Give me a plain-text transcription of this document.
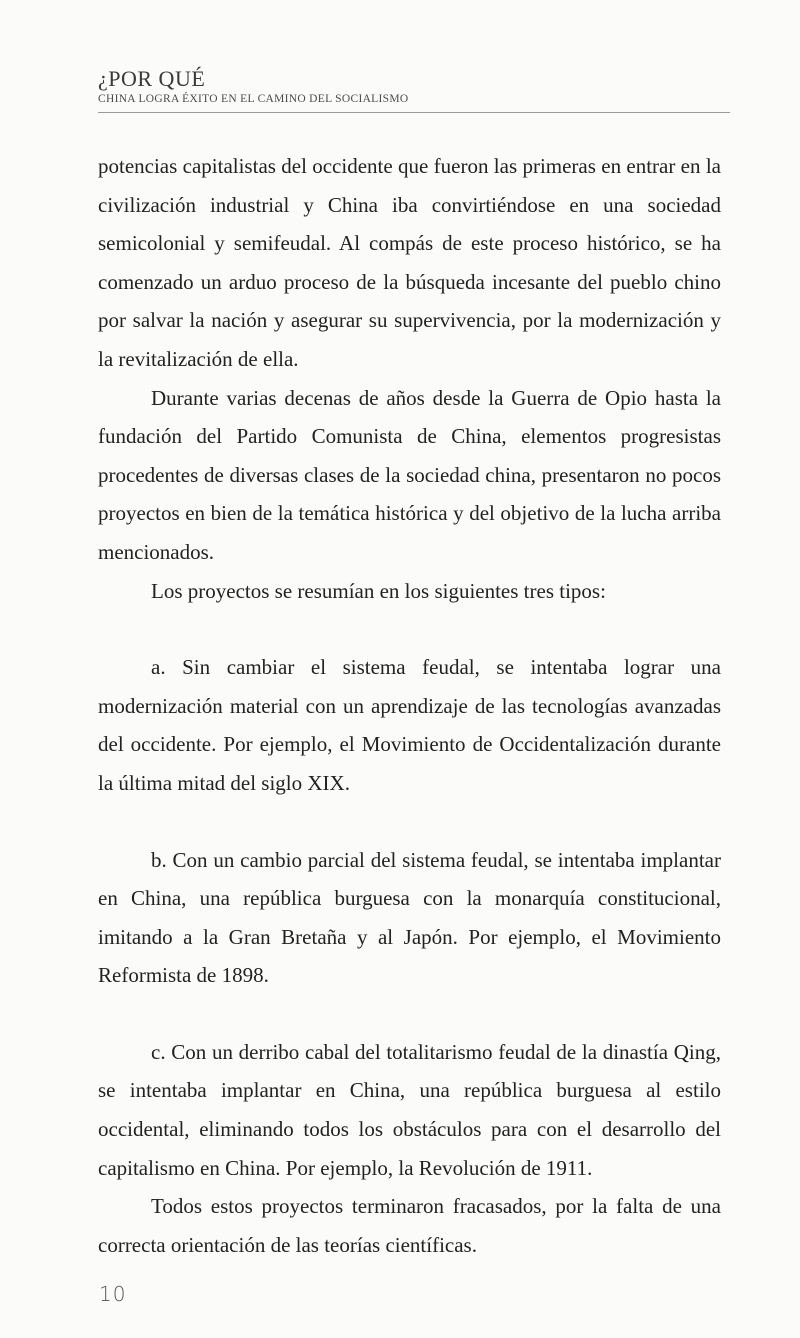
¿POR QUÉ
CHINA LOGRA ÉXITO EN EL CAMINO DEL SOCIALISMO

potencias capitalistas del occidente que fueron las primeras en entrar en la civilización industrial y China iba convirtiéndose en una sociedad semicolonial y semifeudal. Al compás de este proceso histórico, se ha comenzado un arduo proceso de la búsqueda incesante del pueblo chino por salvar la nación y asegurar su supervivencia, por la modernización y la revitalización de ella.

Durante varias decenas de años desde la Guerra de Opio hasta la fundación del Partido Comunista de China, elementos progresistas procedentes de diversas clases de la sociedad china, presentaron no pocos proyectos en bien de la temática histórica y del objetivo de la lucha arriba mencionados.

Los proyectos se resumían en los siguientes tres tipos:

a. Sin cambiar el sistema feudal, se intentaba lograr una modernización material con un aprendizaje de las tecnologías avanzadas del occidente. Por ejemplo, el Movimiento de Occidentalización durante la última mitad del siglo XIX.

b. Con un cambio parcial del sistema feudal, se intentaba implantar en China, una república burguesa con la monarquía constitucional, imitando a la Gran Bretaña y al Japón. Por ejemplo, el Movimiento Reformista de 1898.

c. Con un derribo cabal del totalitarismo feudal de la dinastía Qing, se intentaba implantar en China, una república burguesa al estilo occidental, eliminando todos los obstáculos para con el desarrollo del capitalismo en China. Por ejemplo, la Revolución de 1911.

Todos estos proyectos terminaron fracasados, por la falta de una correcta orientación de las teorías científicas.

10
